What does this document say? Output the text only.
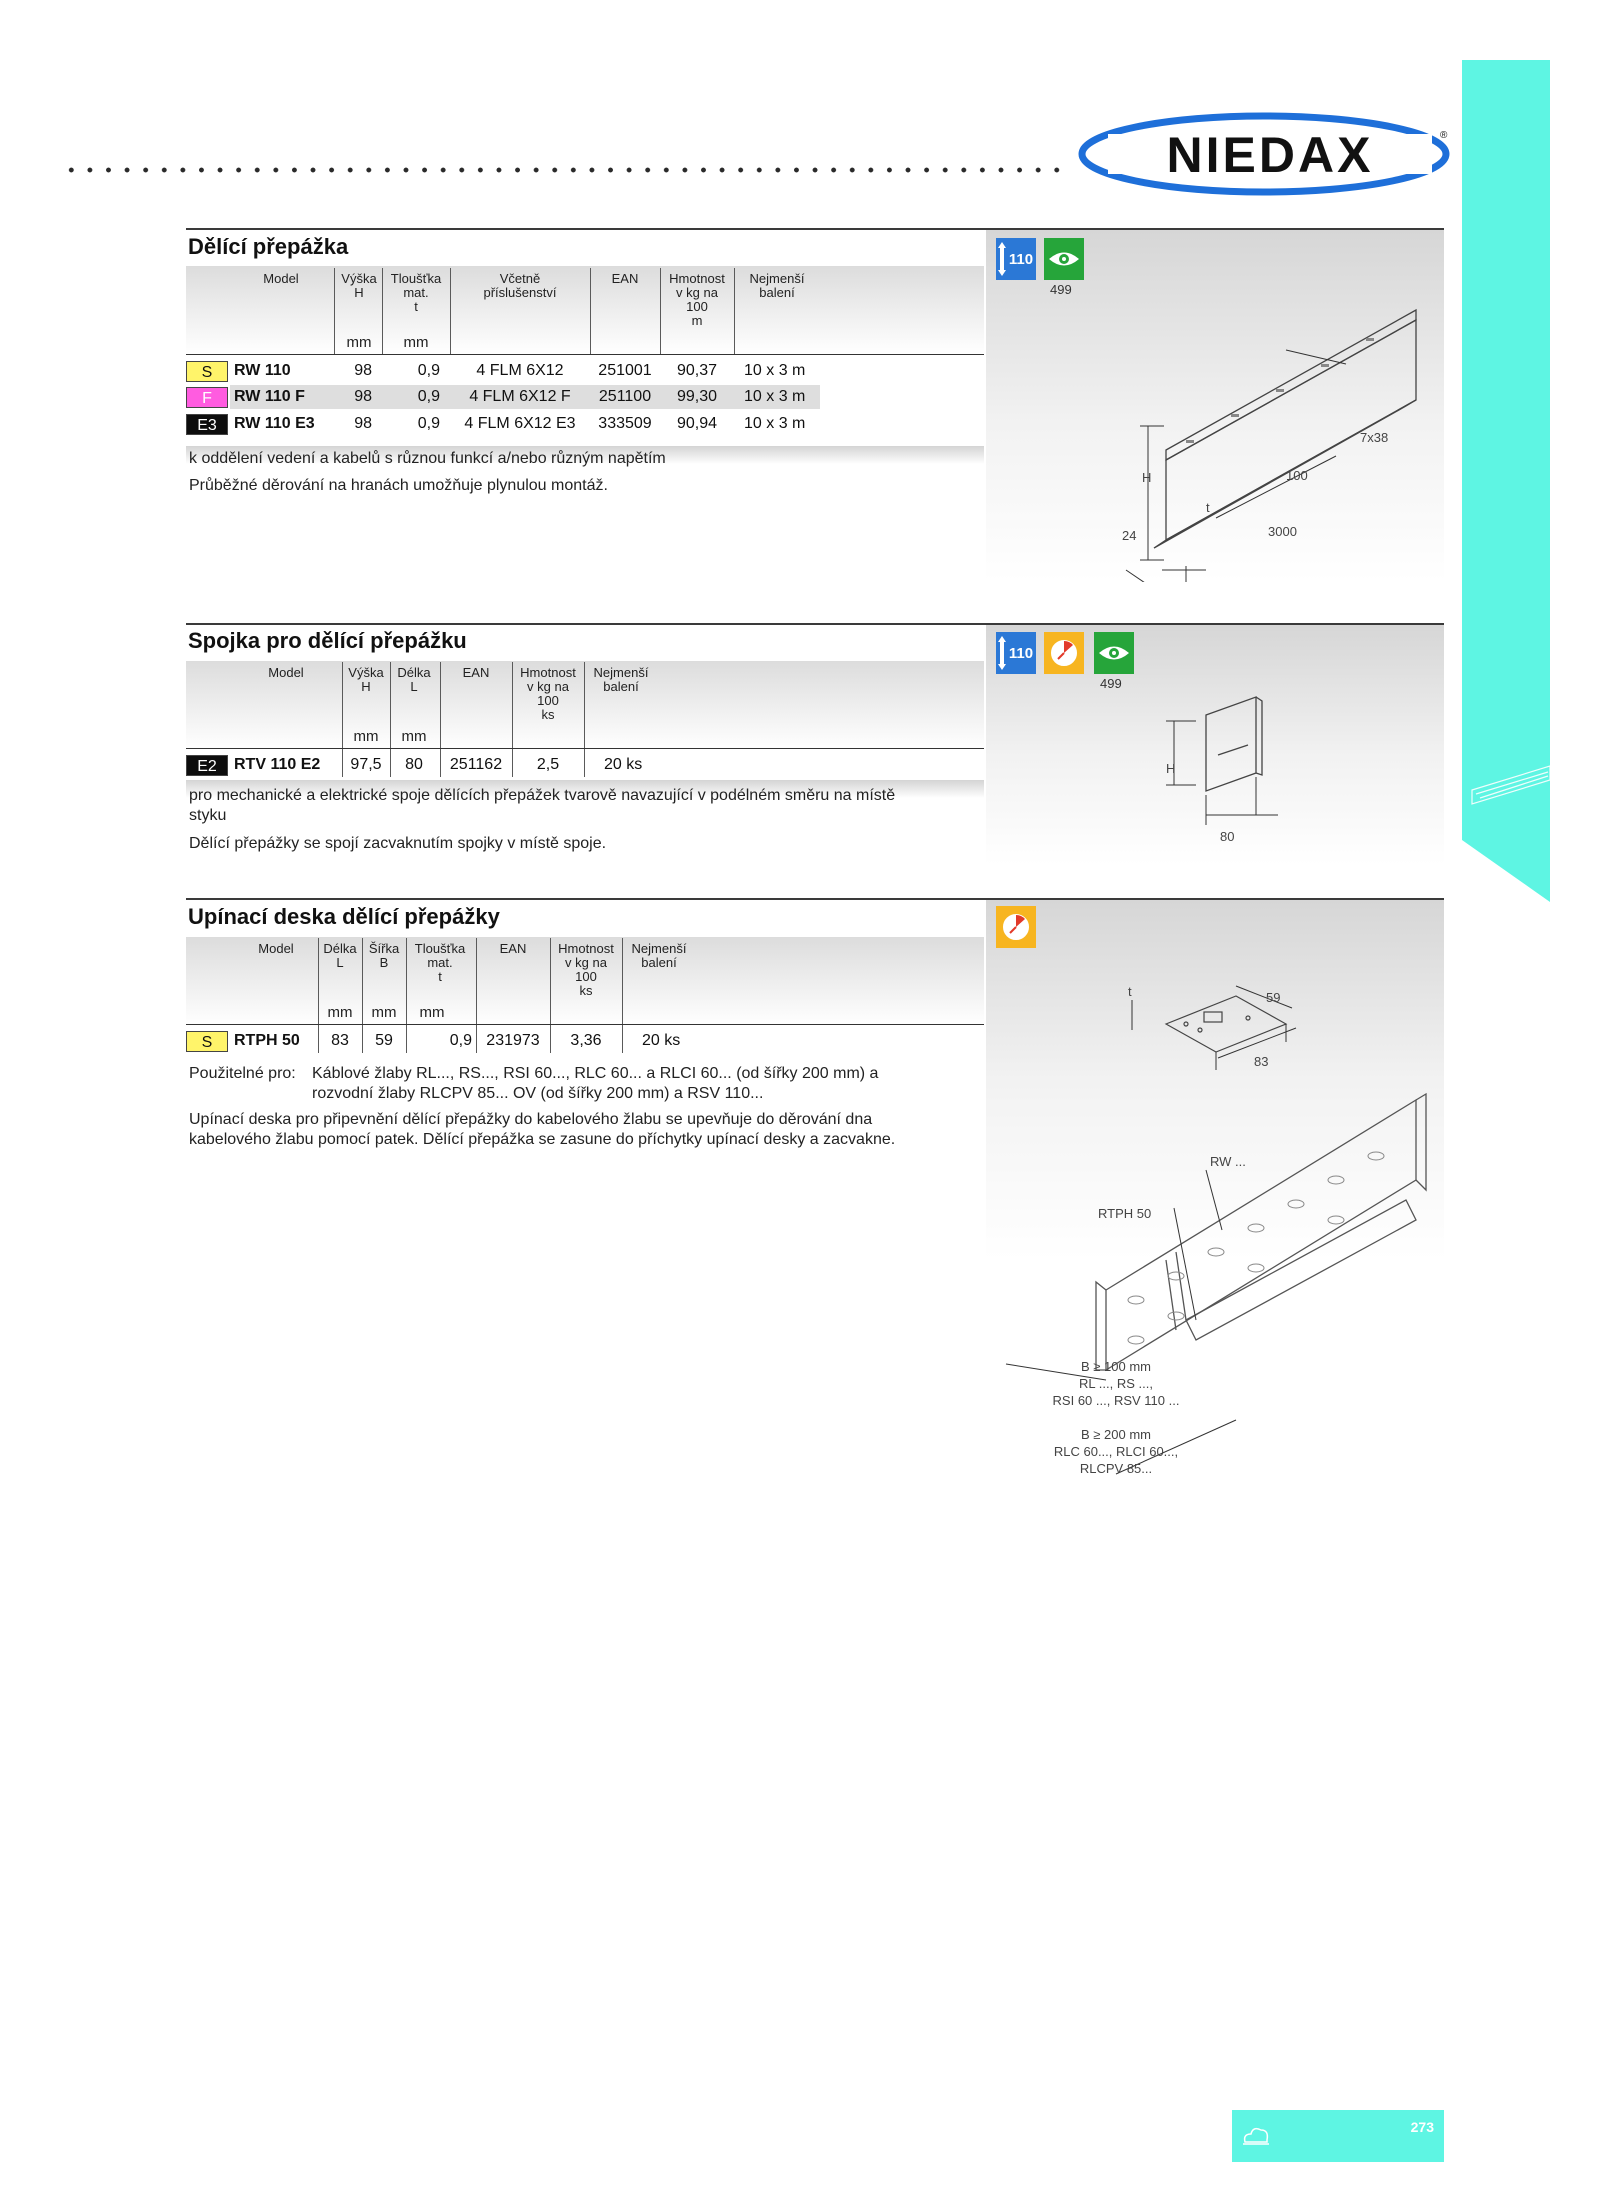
NIEDAX	®
Dělící přepážka
7x38
H	100
t
24	3000
110
499
Model	Výška
H
Tloušťka
mat.
t
Včetně
příslušenství
EAN	Hmotnost
v kg na
100
m
Nejmenší
balení
mm	mm
S	RW 110	98	0,9	4 FLM 6X12	251001	90,37	10 x 3 m
F	RW 110 F	98	0,9	4 FLM 6X12 F	251100	99,30	10 x 3 m
E3	RW 110 E3	98	0,9	4 FLM 6X12 E3	333509	90,94	10 x 3 m
k oddělení vedení a kabelů s různou funkcí a/nebo různým napětím
Průběžné děrování na hranách umožňuje plynulou montáž.
Spojka pro dělící přepážku
H
80
110
499
Model	Výška
H
Délka
L
EAN	Hmotnost
v kg na
100
ks
Nejmenší
balení
mm	mm
E2	RTV 110 E2	97,5	80	251162	2,5	20 ks
pro mechanické a elektrické spoje dělících přepážek tvarově navazující v podélném směru na místě
styku
Dělící přepážky se spojí zacvaknutím spojky v místě spoje.
Upínací deska dělící přepážky
t	59
83
RW ...
RTPH 50
B ≥ 100 mm
RL ..., RS ...,
RSI 60 ..., RSV 110 ...
B ≥ 200 mm
RLC 60..., RLCI 60...,
RLCPV 85...
Model	Délka
L
Šířka
B
Tloušťka
mat.
t
EAN	Hmotnost
v kg na
100
ks
Nejmenší
balení
mm	mm	mm
S	RTPH 50	83	59	0,9 231973	3,36	20 ks
Použitelné pro: Káblové žlaby RL..., RS..., RSI 60..., RLC 60... a RLCI 60... (od šířky 200 mm) a
rozvodní žlaby RLCPV 85... OV (od šířky 200 mm) a RSV 110...
Upínací deska pro připevnění dělící přepážky do kabelového žlabu se upevňuje do děrování dna
kabelového žlabu pomocí patek. Dělící přepážka se zasune do příchytky upínací desky a zacvakne.
273
